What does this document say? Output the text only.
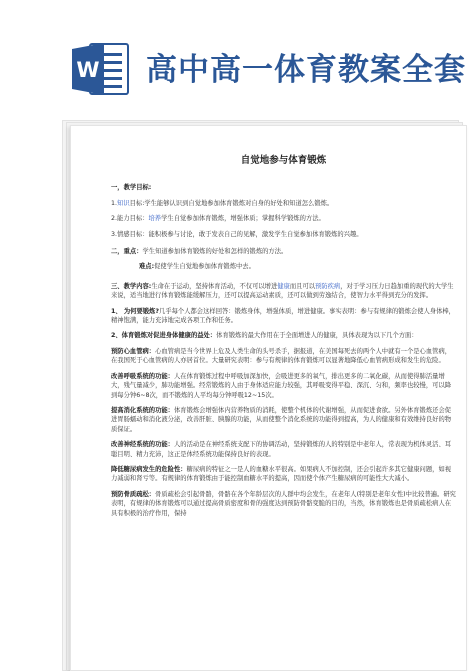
W 高中高一体育教案全套
自觉地参与体育锻炼
一，教学目标:
1.知识目标:学生能够认识到自觉地参加体育锻炼对自身的好处和知道怎么锻炼。
2.能力目标：培养学生自觉参加体育锻炼，增强体质；掌握科学锻炼的方法。
3.情感目标：能积极参与讨论，敢于发表自己的见解，激发学生自觉参加体育锻炼的兴趣。
二，重点：学生知道参加体育锻炼的好处和怎样的锻炼的方法。
难点:促使学生自觉地参加体育锻炼中去。
三、教学内容:生命在于运动，坚持体育活动，不仅可以增进健康而且可以预防疾病，对于学习压力日趋加重的现代的大学生来说，适当地进行体育锻炼能缓解压力，还可以提高运动素质，还可以做到劳逸结合，使智力水平得到充分的发挥。
1、 为何要锻炼?几乎每个人都会这样回答：锻炼身体，增强体质，增进健康。事实表明：参与有规律的锻炼会使人身体棒，精神饱满，能力充沛地完成各项工作和任务。
2、体育锻炼对促进身体健康的益处：体育锻炼的最大作用在于全面增进人的健康，具体表现为以下几个方面：
预防心血管病：心血管病是当今世界上危及人类生命的头号杀手，据报道，在美国每死去的两个人中就有一个是心血管病，在我国死于心血管病的人亦居首位。大量研究表明：参与有规律的体育锻炼可以显著地降低心血管病形成和发生的危险。
改善呼吸系统的功能：人在体育锻炼过程中呼吸加深加快，会吸进更多的氧气，排出更多的二氧化碳，从而使得肺活量增大，残气量减少，肺功能增强。经常锻炼的人由于身体适应能力较强，其呼吸变得平稳、深沉、匀和，频率也较慢，可以降到每分钟6~8次，而不锻炼的人平均每分钟呼吸12~15次。
提高消化系统的功能：体育锻炼会增强体内营养物质的消耗，使整个机体的代谢增强，从而促进食欲。另外体育锻炼还会促进胃肠蠕动和消化液分泌，改善肝脏、胰腺的功能，从而使整个消化系统的功能得到提高，为人的健康和有效维持良好的物质保证。
改善神经系统的功能：人的活动是在神经系统支配下的协调活动，坚持锻炼的人的特别是中老年人，常表现为机体灵活、耳聪目明、精力充沛，这正是体经系统功能保持良好的表现。
降低糖尿病发生的危险性：糖尿病的特征之一是人的血糖水平很高。如果病人不加控制，还会引起许多其它健康问题，如视力减弱和肾亏等。有规律的体育锻炼由于能控制血糖水平的提高，因而使个体产生糖尿病的可能性大大减小。
预防骨质疏松：骨质疏松会引起骨骼，骨骼在各个年龄层次的人群中均会发生，在老年人(特别是老年女性)中比较普遍。研究表明，有规律的体育锻炼可以通过提高骨质密度和骨的强度达到预防骨骼变脆的目的，当然，体育锻炼也是骨质疏松病人在具有积极的治疗作用，保持
